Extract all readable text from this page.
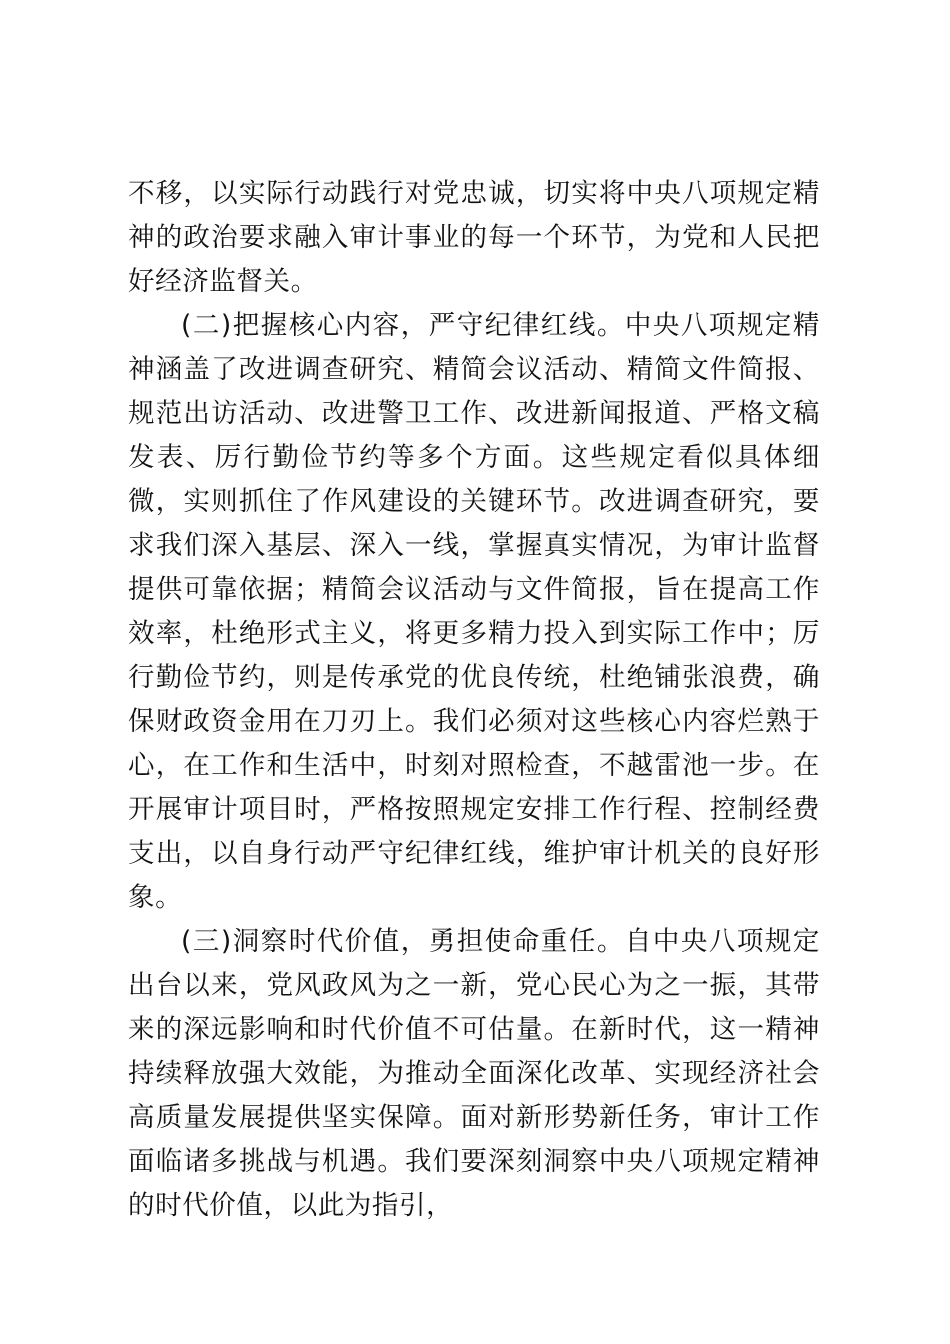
不移，以实际行动践行对党忠诚，切实将中央八项规定精神的政治要求融入审计事业的每一个环节，为党和人民把好经济监督关。

(二)把握核心内容，严守纪律红线。中央八项规定精神涵盖了改进调查研究、精简会议活动、精简文件简报、规范出访活动、改进警卫工作、改进新闻报道、严格文稿发表、厉行勤俭节约等多个方面。这些规定看似具体细微，实则抓住了作风建设的关键环节。改进调查研究，要求我们深入基层、深入一线，掌握真实情况，为审计监督提供可靠依据；精简会议活动与文件简报，旨在提高工作效率，杜绝形式主义，将更多精力投入到实际工作中；厉行勤俭节约，则是传承党的优良传统，杜绝铺张浪费，确保财政资金用在刀刃上。我们必须对这些核心内容烂熟于心，在工作和生活中，时刻对照检查，不越雷池一步。在开展审计项目时，严格按照规定安排工作行程、控制经费支出，以自身行动严守纪律红线，维护审计机关的良好形象。

(三)洞察时代价值，勇担使命重任。自中央八项规定出台以来，党风政风为之一新，党心民心为之一振，其带来的深远影响和时代价值不可估量。在新时代，这一精神持续释放强大效能，为推动全面深化改革、实现经济社会高质量发展提供坚实保障。面对新形势新任务，审计工作面临诸多挑战与机遇。我们要深刻洞察中央八项规定精神的时代价值，以此为指引，
